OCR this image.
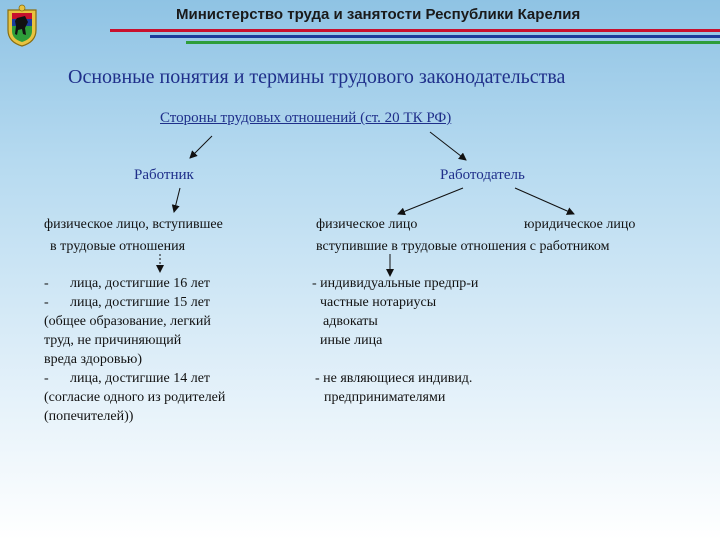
Министерство труда и занятости Республики Карелия
Основные понятия и термины трудового законодательства
Стороны трудовых отношений (ст. 20 ТК РФ)
Работник	Работодатель
физическое лицо, вступившее
в трудовые отношения
физическое лицо	юридическое лицо
вступившие в трудовые отношения с работником
- лица, достигшие 16 лет
- лица, достигшие 15 лет
(общее образование, легкий
труд, не причиняющий
вреда здоровью)
- лица, достигшие 14 лет
(согласие одного из родителей
(попечителей))
- индивидуальные предпр-и
частные нотариусы
адвокаты
иные лица
- не являющиеся индивид.
предпринимателями
